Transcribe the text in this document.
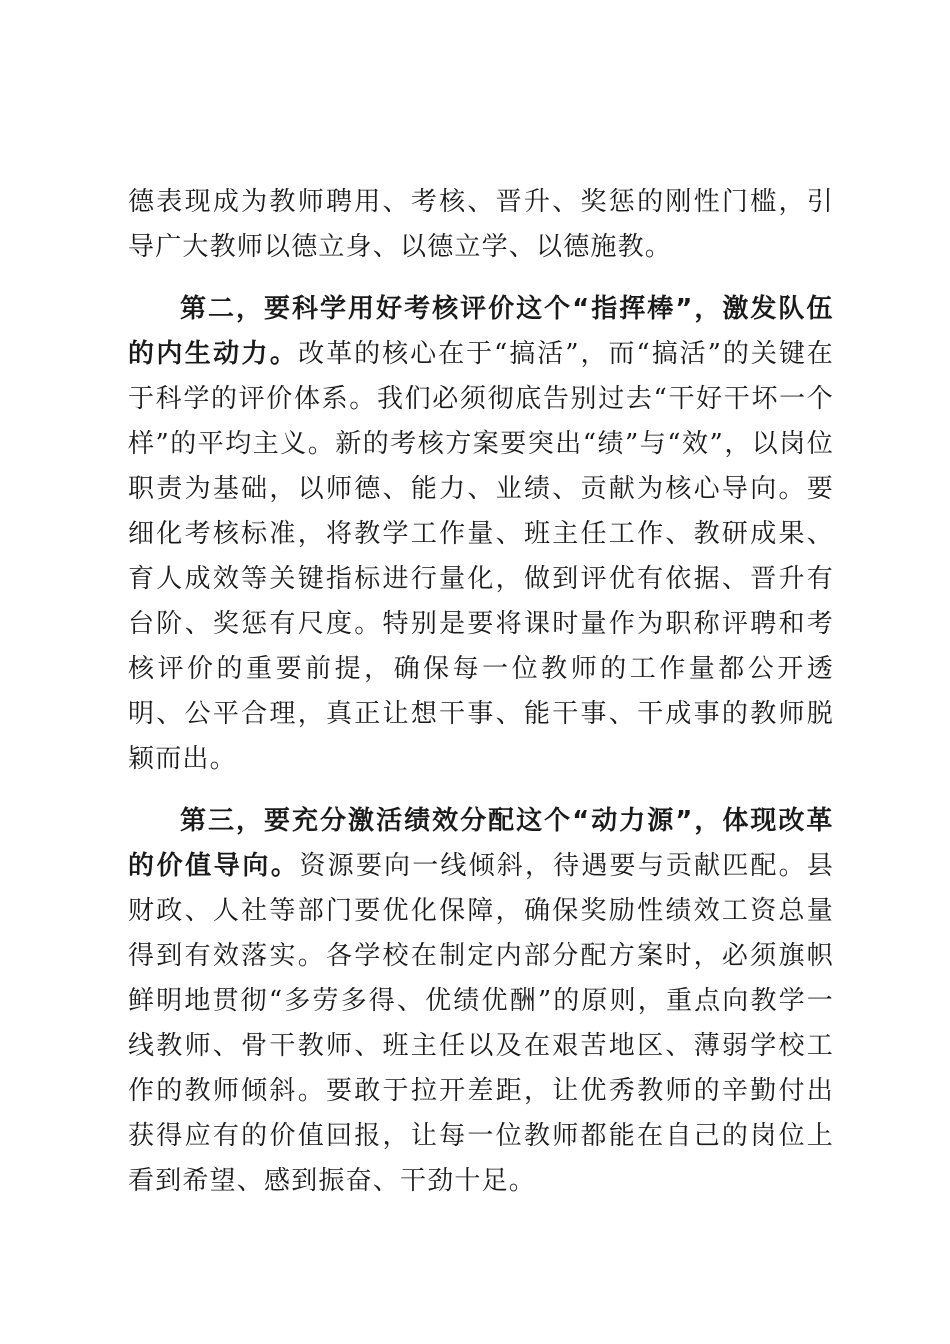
德表现成为教师聘用、考核、晋升、奖惩的刚性门槛，引导广大教师以德立身、以德立学、以德施教。

第二，要科学用好考核评价这个“指挥棒”，激发队伍的内生动力。改革的核心在于“搞活”，而“搞活”的关键在于科学的评价体系。我们必须彻底告别过去“干好干坏一个样”的平均主义。新的考核方案要突出“绩”与“效”，以岗位职责为基础，以师德、能力、业绩、贡献为核心导向。要细化考核标准，将教学工作量、班主任工作、教研成果、育人成效等关键指标进行量化，做到评优有依据、晋升有台阶、奖惩有尺度。特别是要将课时量作为职称评聘和考核评价的重要前提，确保每一位教师的工作量都公开透明、公平合理，真正让想干事、能干事、干成事的教师脱颖而出。

第三，要充分激活绩效分配这个“动力源”，体现改革的价值导向。资源要向一线倾斜，待遇要与贡献匹配。县财政、人社等部门要优化保障，确保奖励性绩效工资总量得到有效落实。各学校在制定内部分配方案时，必须旗帜鲜明地贯彻“多劳多得、优绩优酬”的原则，重点向教学一线教师、骨干教师、班主任以及在艰苦地区、薄弱学校工作的教师倾斜。要敢于拉开差距，让优秀教师的辛勤付出获得应有的价值回报，让每一位教师都能在自己的岗位上看到希望、感到振奋、干劲十足。
